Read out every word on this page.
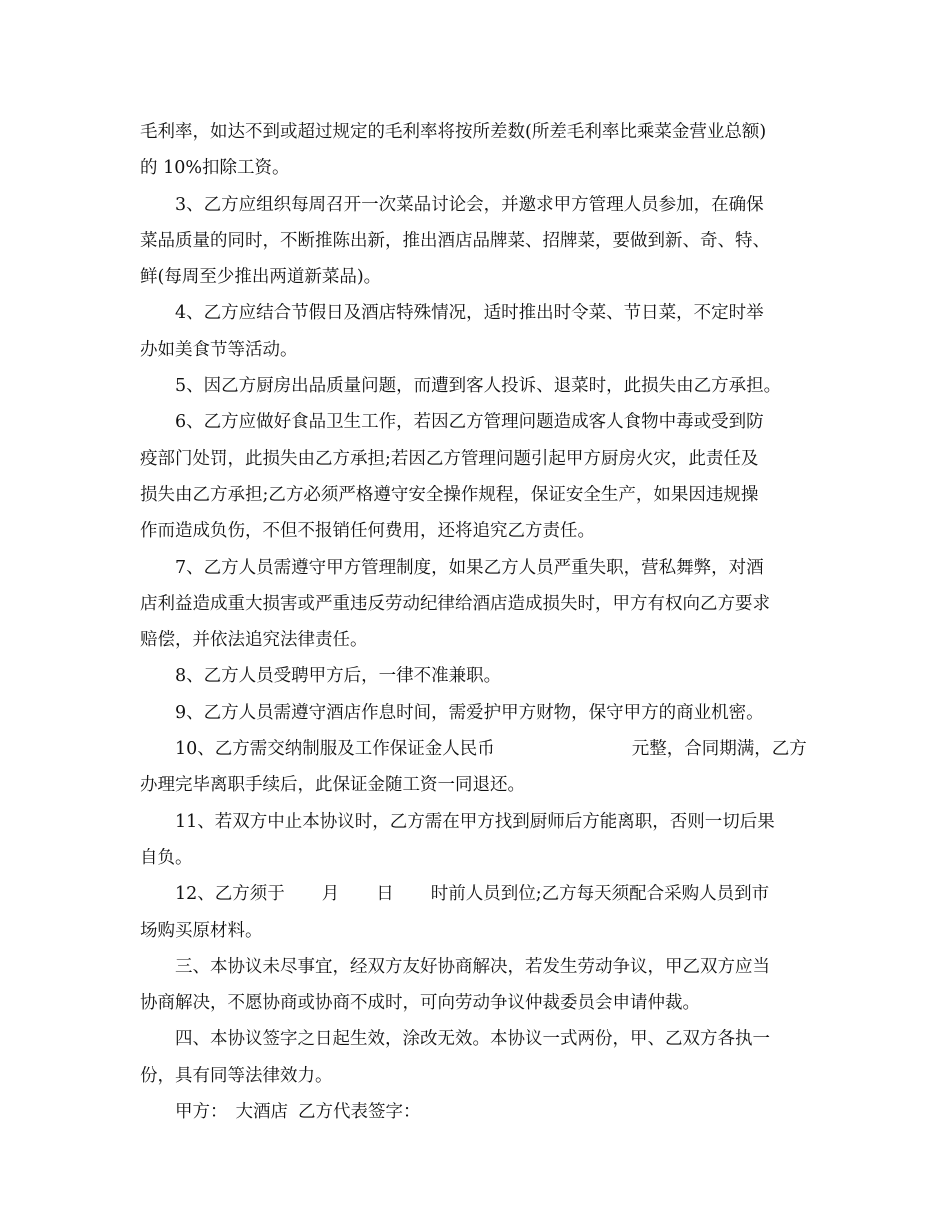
毛利率，如达不到或超过规定的毛利率将按所差数(所差毛利率比乘菜金营业总额)
的 10%扣除工资。
3、乙方应组织每周召开一次菜品讨论会，并邀求甲方管理人员参加，在确保
菜品质量的同时，不断推陈出新，推出酒店品牌菜、招牌菜，要做到新、奇、特、
鲜(每周至少推出两道新菜品)。
4、乙方应结合节假日及酒店特殊情况，适时推出时令菜、节日菜，不定时举
办如美食节等活动。
5、因乙方厨房出品质量问题，而遭到客人投诉、退菜时，此损失由乙方承担。
6、乙方应做好食品卫生工作，若因乙方管理问题造成客人食物中毒或受到防
疫部门处罚，此损失由乙方承担;若因乙方管理问题引起甲方厨房火灾，此责任及
损失由乙方承担;乙方必须严格遵守安全操作规程，保证安全生产，如果因违规操
作而造成负伤，不但不报销任何费用，还将追究乙方责任。
7、乙方人员需遵守甲方管理制度，如果乙方人员严重失职，营私舞弊，对酒
店利益造成重大损害或严重违反劳动纪律给酒店造成损失时，甲方有权向乙方要求
赔偿，并依法追究法律责任。
8、乙方人员受聘甲方后，一律不准兼职。
9、乙方人员需遵守酒店作息时间，需爱护甲方财物，保守甲方的商业机密。
10、乙方需交纳制服及工作保证金人民币	元整，合同期满，乙方
办理完毕离职手续后，此保证金随工资一同退还。
11、若双方中止本协议时，乙方需在甲方找到厨师后方能离职，否则一切后果
自负。
12、乙方须于 月 日 时前人员到位;乙方每天须配合采购人员到市
场购买原材料。
三、本协议未尽事宜，经双方友好协商解决，若发生劳动争议，甲乙双方应当
协商解决，不愿协商或协商不成时，可向劳动争议仲裁委员会申请仲裁。
四、本协议签字之日起生效，涂改无效。本协议一式两份，甲、乙双方各执一
份，具有同等法律效力。
甲方： 大酒店 乙方代表签字：
